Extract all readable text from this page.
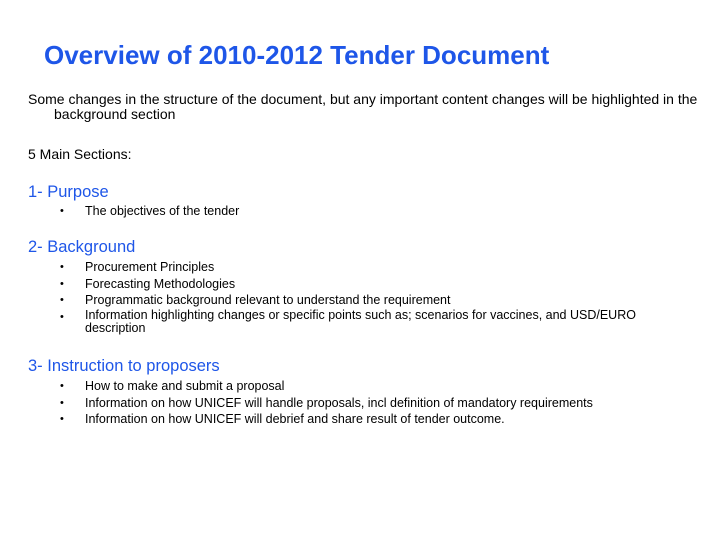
Overview of 2010-2012 Tender Document
Some changes in the structure of the document, but any important content changes will be highlighted in the background section
5 Main Sections:
1- Purpose
• The objectives of the tender
2- Background
• Procurement Principles
• Forecasting Methodologies
• Programmatic background relevant to understand the requirement
• Information highlighting changes or specific points such as; scenarios for vaccines, and USD/EURO description
3- Instruction to proposers
• How to make and submit a proposal
• Information on how UNICEF will handle proposals, incl definition of mandatory requirements
• Information on how UNICEF will debrief and share result of tender outcome.
